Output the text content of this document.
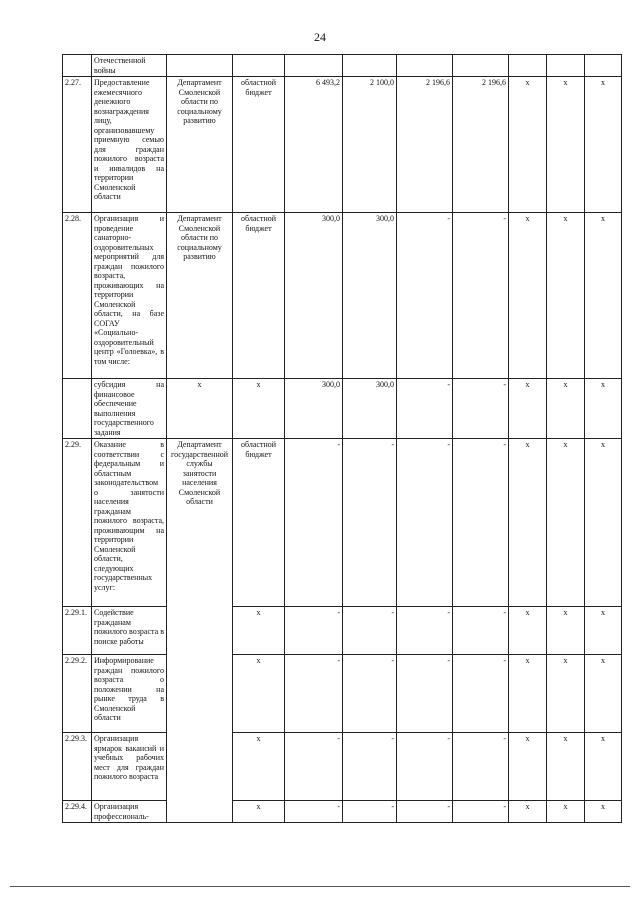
24
	Отечественной войны									
2.27.	Предоставление ежемесячного денежного вознаграждения лицу, организовавшему приемную семью для граждан пожилого возраста и инвалидов на территории Смоленской области	Департамент Смоленской области по социальному развитию	областной бюджет	6 493,2	2 100,0	2 196,6	2 196,6	х	х	х
2.28.	Организация и проведение санаторно-оздоровительных мероприятий для граждан пожилого возраста, проживающих на территории Смоленской области, на базе СОГАУ «Социально-оздоровительный центр «Голоевка», в том числе:	Департамент Смоленской области по социальному развитию	областной бюджет	300,0	300,0	-	-	х	х	х
	субсидия на финансовое обеспечение выполнения государственного задания	х	х	300,0	300,0	-	-	х	х	х
2.29.	Оказание в соответствии с федеральным и областным законодательством о занятости населения гражданам пожилого возраста, проживающим на территории Смоленской области, следующих государственных услуг:	Департамент государственной службы занятости населения Смоленской области	областной бюджет	-	-	-	-	х	х	х
2.29.1.	Содействие гражданам пожилого возраста в поиске работы		х	-	-	-	-	х	х	х
2.29.2.	Информирование граждан пожилого возраста о положении на рынке труда в Смоленской области		х	-	-	-	-	х	х	х
2.29.3.	Организация ярмарок вакансий и учебных рабочих мест для граждан пожилого возраста		х	-	-	-	-	х	х	х
2.29.4.	Организация профессиональ-		х	-	-	-	-	х	х	х
